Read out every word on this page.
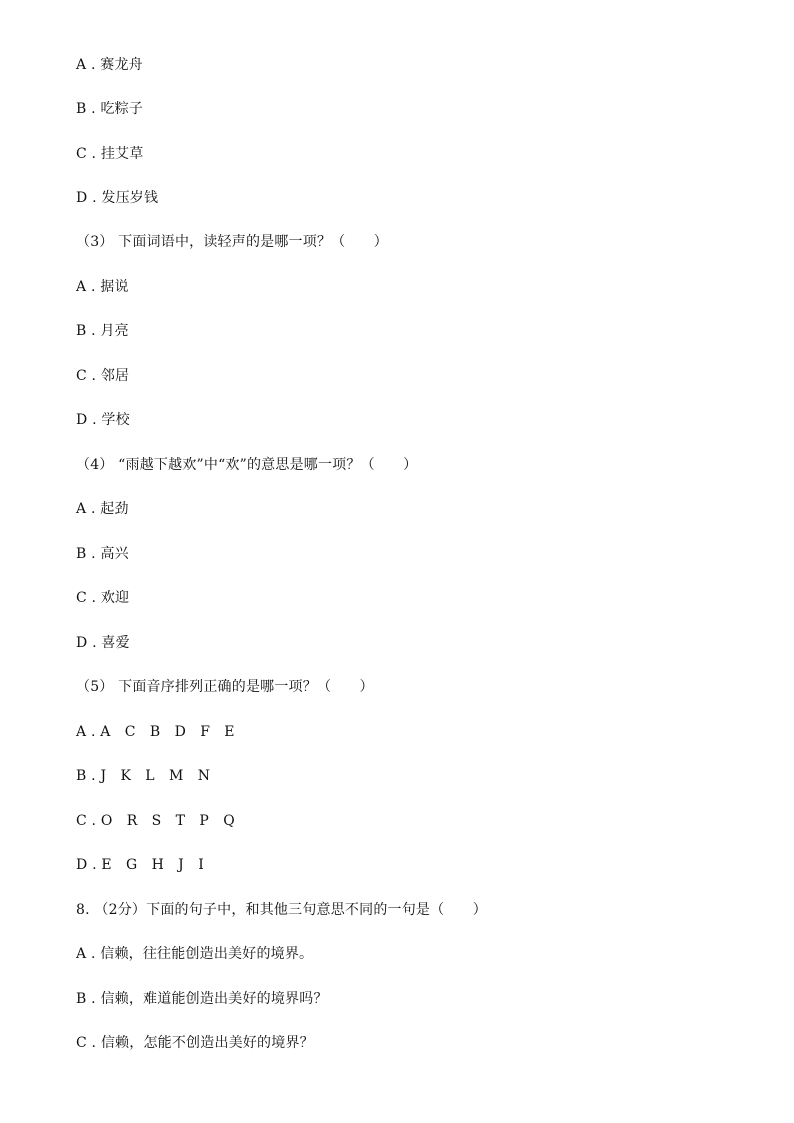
A . 赛龙舟
B . 吃粽子
C . 挂艾草
D . 发压岁钱
（3） 下面词语中，读轻声的是哪一项？（　　）
A . 据说
B . 月亮
C . 邻居
D . 学校
（4） “雨越下越欢”中“欢”的意思是哪一项？（　　）
A . 起劲
B . 高兴
C . 欢迎
D . 喜爱
（5） 下面音序排列正确的是哪一项？（　　）
A . A　C　B　D　F　E
B . J　K　L　M　N
C . O　R　S　T　P　Q
D . E　G　H　J　I
8. （2分）下面的句子中，和其他三句意思不同的一句是（　　）
A . 信赖，往往能创造出美好的境界。
B . 信赖，难道能创造出美好的境界吗？
C . 信赖，怎能不创造出美好的境界？
